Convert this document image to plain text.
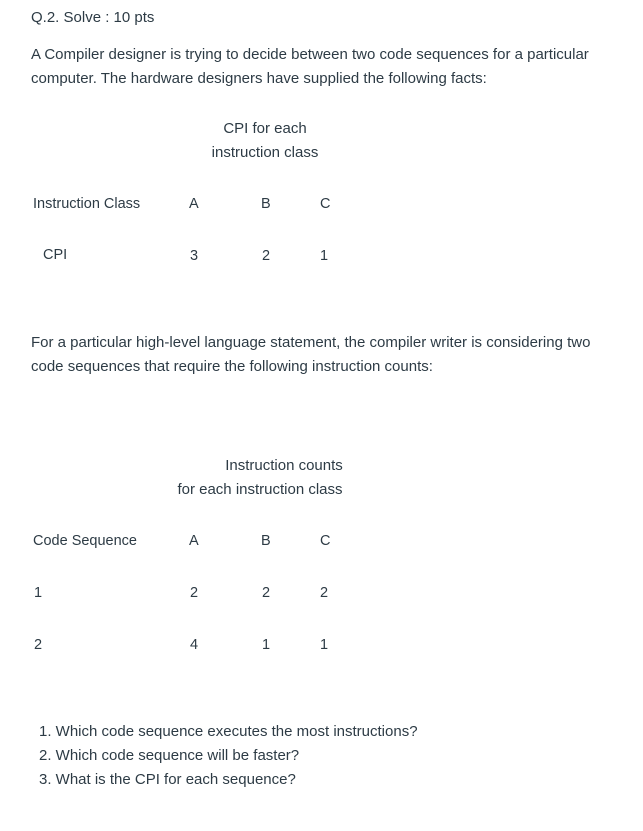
Q.2. Solve : 10 pts
A Compiler designer is trying to decide between two code sequences for a particular
computer. The hardware designers have supplied the following facts:
CPI for each
instruction class
Instruction Class	A	B	C
CPI	3	2	1
For a particular high-level language statement, the compiler writer is considering two
code sequences that require the following instruction counts:
Instruction counts
for each instruction class
Code Sequence	A	B	C
1	2	2	2
2	4	1	1
1. Which code sequence executes the most instructions?
2. Which code sequence will be faster?
3. What is the CPI for each sequence?
